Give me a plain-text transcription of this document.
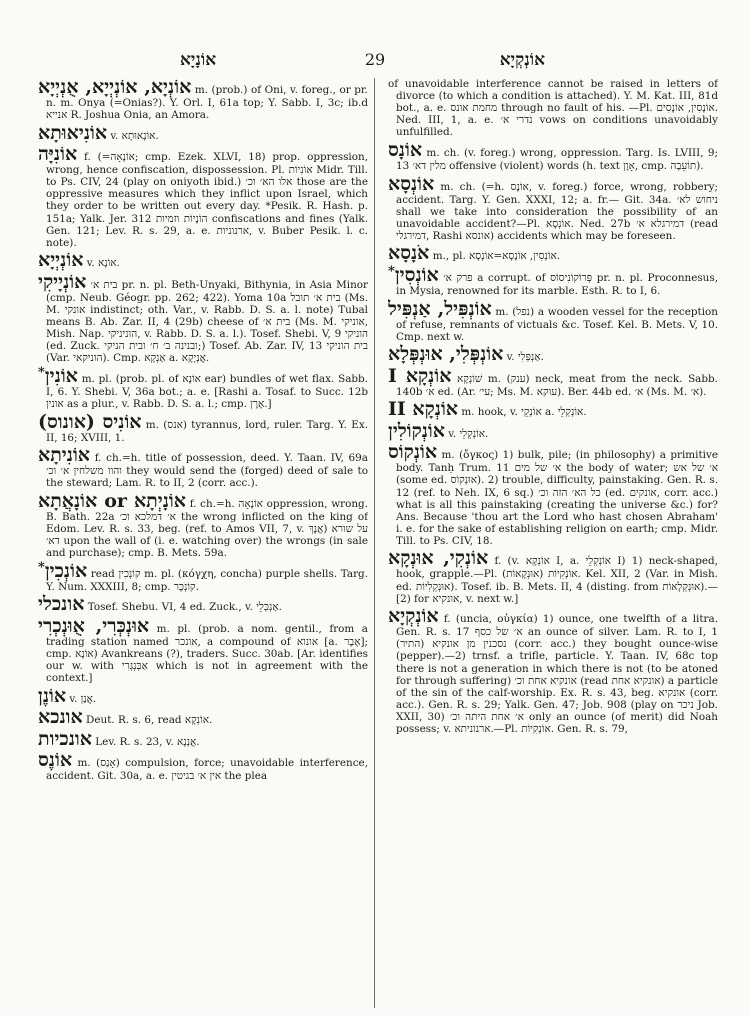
אוֹנָיָא	29	אוֹנְקְיָא

אוֹנְיָא, אוֹנְיְיָא, אֻנְיְיָא m. (prob.) of Oni, v. foreg., or pr. n. m. Onya (=Onias?). Y. Orl. I, 61a top; Y. Sabb. I, 3c; ib.d אנייא R. Joshua Onia, an Amora.

אוֹנִיאוּתָא v. אוֹנָאוּתָא.

אוֹנִיָּה f. (=אוֹנָאָה; cmp. Ezek. XLVI, 18) prop. oppression, wrong, hence confiscation, dispossession. Pl. אוֹנִיוֹת Midr. Till. to Ps. CIV, 24 (play on oniyoth ibid.) אלו הא׳ וכ׳ those are the oppressive measures which they inflict upon Israel, which they order to be written out every day. *Pesik. R. Hash. p. 151a; Yalk. Jer. 312 הוֹנָיוֹת וזמיות confiscations and fines (Yalk. Gen. 121; Lev. R. s. 29, a. e. ארנוניות, v. Buber Pesik. l. c. note).

אוֹנְיְיָא v. אוֹנָא.

אוֹנְיָיקִי בית א׳ pr. n. pl. Beth-Unyaki, Bithynia, in Asia Minor (cmp. Neub. Géogr. pp. 262; 422). Yoma 10a בית א׳ תובל (Ms. M. אונקי indistinct; oth. Var., v. Rabb. D. S. a. l. note) Tubal means B. Ab. Zar. II, 4 (29b) cheese of בית א׳ (Ms. M. אוניקי, Mish. Nap. הוניניקי, v. Rabb. D. S. a. l.). Tosef. Shebi. V, 9 הוניקי (ed. Zuck. ובנינה ב׳ ח׳ ובית הניקי;) Tosef. Ab. Zar. IV, 13 בית הוניקי (Var. הוניקאי). Cmp. אַנְקָא a. אֲנְיָקָא.

*אוֹנִין m. pl. (prob. pl. of אוֹנָא ear) bundles of wet flax. Sabb. I, 6. Y. Shebi. V, 36a bot.; a. e. [Rashi a. Tosaf. to Succ. 12b אונין as a plur., v. Rabb. D. S. a. l.; cmp. אֶרֶן.]

אוֹנִיס (אונוס) m. (אנס) tyrannus, lord, ruler. Targ. Y. Ex. II, 16; XVIII, 1.

אוֹנִיתָא f. ch.=h. title of possession, deed. Y. Taan. IV, 69a והוו משלחין א׳ וכ׳ they would send the (forged) deed of sale to the steward; Lam. R. to II, 2 (corr. acc.).

אוֹנָיְתָא or אוֹנָאֲתָא f. ch.=h. אוֹנָאָה oppression, wrong. B. Bath. 22a א׳ דמלכא וכ׳ the wrong inflicted on the king of Edom. Lev. R. s. 33, beg. (ref. to Amos VII, 7, v. אֲנָךְ) על שורא דא׳ upon the wall of (i. e. watching over) the wrongs (in sale and purchase); cmp. B. Mets. 59a.

*אוֹנְכִין read קוֹנְכִין m. pl. (κόγχη, concha) purple shells. Targ. Y. Num. XXXIII, 8; cmp. קוֹנְכָּר.

אונכלי Tosef. Shebu. VI, 4 ed. Zuck., v. אַנְכְּלֵי.

אוּנְכְּרִי, אֻוּנְכְרִי m. pl. (prob. a nom. gentil., from a trading station named אונכר, a compound of אונוא [a. אֶבֶר]; cmp. אוֹנָא) Avankreans (?), traders. Succ. 30ab. [Ar. identifies our w. with אַבְּנְגְּרִי which is not in agreement with the context.]

אוֹנֶן v. אֲנַן.

אונכא Deut. R. s. 6, read אוֹנְקָא.

אונכיות Lev. R. s. 23, v. אֲנְנָא.

אוֹנֶס m. (אָנַס) compulsion, force; unavoidable interference, accident. Git. 30a, a. e. אין א׳ בגיטין the plea

of unavoidable interference cannot be raised in letters of divorce (to which a condition is attached). Y. M. Kat. III, 81d bot., a. e. מחמת אונס through no fault of his. —Pl. אוֹנָסִין, אוֹנָסִים. Ned. III, 1, a. e. נדרי א׳ vows on conditions unavoidably unfulfilled.

אוֹנָס m. ch. (v. foreg.) wrong, oppression. Targ. Is. LVIII, 9; 13 מלין דא׳ offensive (violent) words (h. text אָוֶן, cmp. תוֹעֵבָה).

אוֹנְסָא m. ch. (=h. אוֹנֶס, v. foreg.) force, wrong, robbery; accident. Targ. Y. Gen. XXXI, 12; a. fr.— Git. 34a. ניחוש לא׳ shall we take into consideration the possibility of an unavoidable accident?—Pl. אוֹנְסָא. Ned. 27b דמירגלא א׳ (read דמירגלי, Rashi אונסא) accidents which may be foreseen.

אֹנָסָא m., pl. אוֹנְסִין, אוֹנָסָא=אוֹנָסָא.

*אוֹנְסִין פרק א׳ a corrupt. of פְּרוֹקוֹנִיסוֹס pr. n. pl. Proconnesus, in Mysia, renowned for its marble. Esth. R. to I, 6.

אוֹנְפִּיל, אַנְפִּיל m. (נפל) a wooden vessel for the reception of refuse, remnants of victuals &c. Tosef. Kel. B. Mets. V, 10. Cmp. next w.

אוֹנְפְּלִי, אוּנְפְּלָא v. אַנְפְּלִי.

אוֹנְקָא I שׁוֹנְקָא m. (ענק) neck, meat from the neck. Sabb. 140b א׳ ed. (Ar. עי׳; Ms. M. עוקא). Ber. 44b ed. א׳ (Ms. M. א׳).

אוֹנְקָא II m. hook, v. אוֹנְקֵי a. אוֹנְקְלֵי.

אוֹנְקוֹלִין v. אוֹנְקְלֵי.

אוֹנְקוֹס m. (ὄγκος) 1) bulk, pile; (in philosophy) a primitive body. Tanḥ Trum. 11 א׳ של מים the body of water; א׳ של אש (some ed. אוּנְקוֹס). 2) trouble, difficulty, painstaking. Gen. R. s. 12 (ref. to Neh. IX, 6 sq.) כל הא׳ הזה וכ׳ (ed. אונקים, corr. acc.) what is all this painstaking (creating the universe &c.) for? Ans. Because 'thou art the Lord who hast chosen Abraham' i. e. for the sake of establishing religion on earth; cmp. Midr. Till. to Ps. CIV, 18.

אוֹנְקִי, אוּנְקָא f. (v. אוֹנְקָא I, a. אוֹנְקְלֵי I) 1) neck-shaped, hook, grapple.—Pl. אוֹנְקִיוֹת (אוּנְקָאוֹת). Kel. XII, 2 (Var. in Mish. ed. אוּנְקְלִיוֹת). Tosef. ib. B. Mets. II, 4 (disting. from אוּנְקְלָאוֹת).—[2) for אונקיא, v. next w.]

אוֹנְקְיָא f. (uncia, οὐγκία) 1) ounce, one twelfth of a litra. Gen. R. s. 17 א׳ של כסף an ounce of silver. Lam. R. to I, 1 (התיר) נסכנין מן אונקיא (corr. acc.) they bought ounce-wise (pepper).—2) trnsf. a trifle, particle. Y. Taan. IV, 68c top there is not a generation in which there is not (to be atoned for through suffering) אונקיא אחת וכ׳ (read אונקיא אחת) a particle of the sin of the calf-worship. Ex. R. s. 43, beg. אונקיא (corr. acc.). Gen. R. s. 29; Yalk. Gen. 47; Job. 908 (play on ניכר Job. XXII, 30) א׳ אחת היתה וכ׳ only an ounce (of merit) did Noah possess; v. ארנוניתא.—Pl. אוֹנְקִיוֹת. Gen. R. s. 79,
